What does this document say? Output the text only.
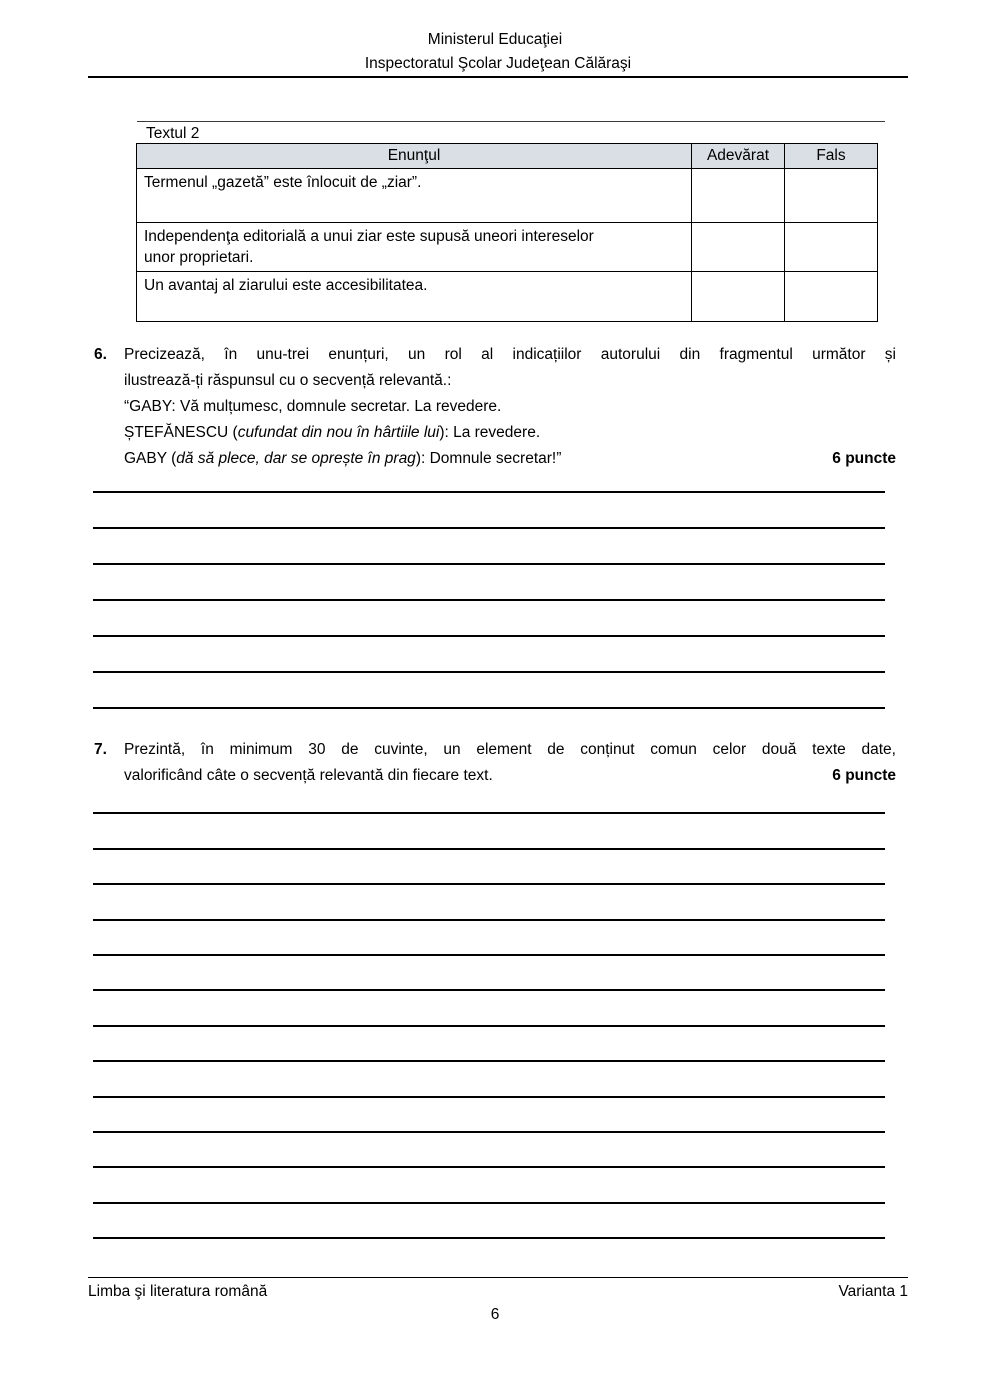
Ministerul Educaţiei
Inspectoratul Şcolar Judeţean Călăraşi
Textul 2
Enunţul	Adevărat	Fals

Termenul „gazetă” este înlocuit de „ziar”.		

Independenţa editorială a unui ziar este supusă uneori intereselor
unor proprietari.		

Un avantaj al ziarului este accesibilitatea.		

6. Precizează, în unu-trei enunțuri, un rol al indicațiilor autorului din fragmentul următor și
ilustrează-ți răspunsul cu o secvență relevantă.:
“GABY: Vă mulțumesc, domnule secretar. La revedere.
ȘTEFĂNESCU (cufundat din nou în hârtiile lui): La revedere.
GABY (dă să plece, dar se oprește în prag): Domnule secretar!”	6 puncte
7. Prezintă, în minimum 30 de cuvinte, un element de conținut comun celor două texte date,
valorificând câte o secvență relevantă din fiecare text.	6 puncte
Limba şi literatura română	Varianta 1
6
